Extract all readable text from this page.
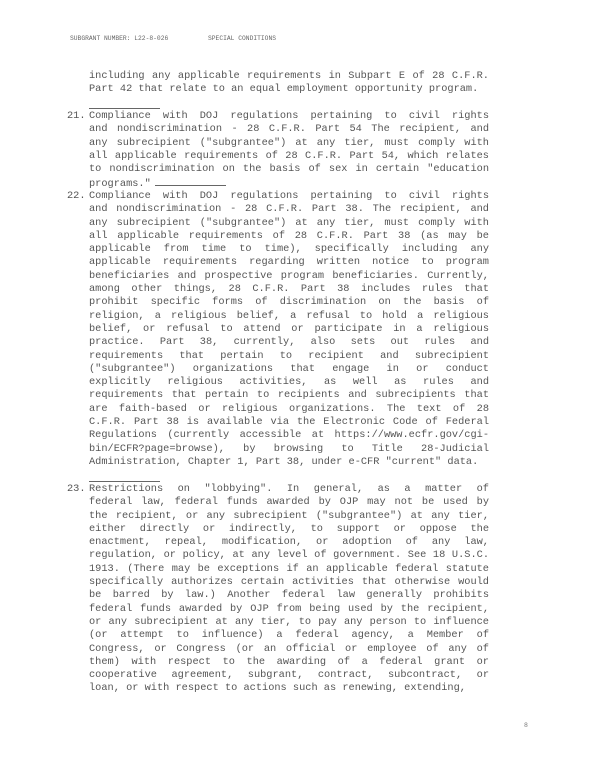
SUBGRANT NUMBER: L22-8-026

	SPECIAL CONDITIONS

including any applicable requirements in Subpart E of 28 C.F.R.
Part 42 that relate to an equal employment opportunity program.
21. Compliance with DOJ regulations pertaining to civil rights
and nondiscrimination - 28 C.F.R. Part 54 The recipient, and
any subrecipient ("subgrantee") at any tier, must comply with
all applicable requirements of 28 C.F.R. Part 54, which relates
to nondiscrimination on the basis of sex in certain "education
programs."
22. Compliance with DOJ regulations pertaining to civil rights
and nondiscrimination - 28 C.F.R. Part 38. The recipient, and
any subrecipient ("subgrantee") at any tier, must comply with
all applicable requirements of 28 C.F.R. Part 38 (as may be
applicable from time to time), specifically including any
applicable requirements regarding written notice to program
beneficiaries and prospective program beneficiaries. Currently,
among other things, 28 C.F.R. Part 38 includes rules that
prohibit specific forms of discrimination on the basis of
religion, a religious belief, a refusal to hold a religious
belief, or refusal to attend or participate in a religious
practice. Part 38, currently, also sets out rules and
requirements that pertain to recipient and subrecipient
("subgrantee") organizations that engage in or conduct
explicitly religious activities, as well as rules and
requirements that pertain to recipients and subrecipients that
are faith-based or religious organizations. The text of 28
C.F.R. Part 38 is available via the Electronic Code of Federal
Regulations (currently accessible at https://www.ecfr.gov/cgi-
bin/ECFR?page=browse), by browsing to Title 28-Judicial
Administration, Chapter 1, Part 38, under e-CFR "current" data.
23. Restrictions on "lobbying". In general, as a matter of
federal law, federal funds awarded by OJP may not be used by
the recipient, or any subrecipient ("subgrantee") at any tier,
either directly or indirectly, to support or oppose the
enactment, repeal, modification, or adoption of any law,
regulation, or policy, at any level of government. See 18 U.S.C.
1913. (There may be exceptions if an applicable federal statute
specifically authorizes certain activities that otherwise would
be barred by law.) Another federal law generally prohibits
federal funds awarded by OJP from being used by the recipient,
or any subrecipient at any tier, to pay any person to influence
(or attempt to influence) a federal agency, a Member of
Congress, or Congress (or an official or employee of any of
them) with respect to the awarding of a federal grant or
cooperative agreement, subgrant, contract, subcontract, or
loan, or with respect to actions such as renewing, extending,
8
